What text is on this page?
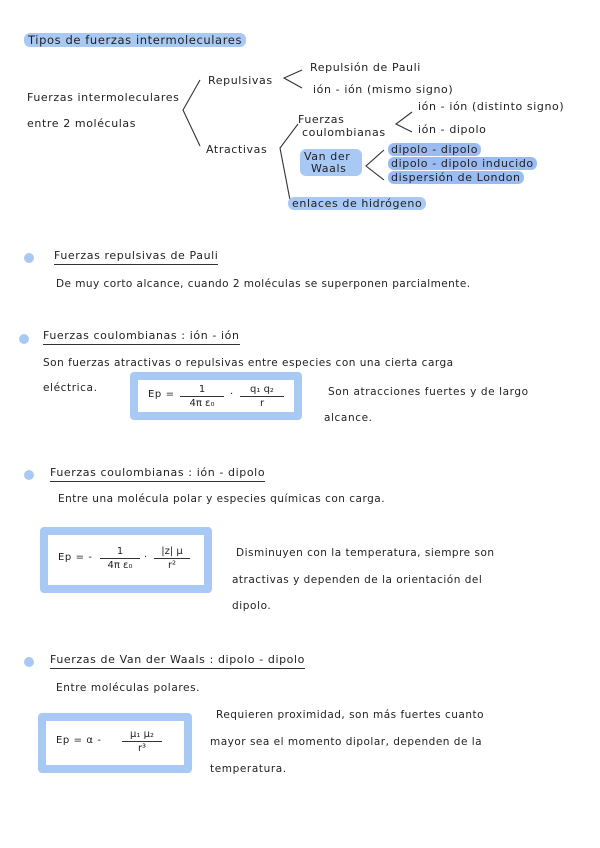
Tipos de fuerzas intermoleculares
Fuerzas intermoleculares
entre 2 moléculas
Repulsivas
Repulsión de Pauli
ión - ión (mismo signo)
Atractivas
Fuerzas
coulombianas
ión - ión (distinto signo)
ión - dipolo
Van der
Waals
dipolo - dipolo
dipolo - dipolo inducido
dispersión de London
enlaces de hidrógeno
Fuerzas repulsivas de Pauli
De muy corto alcance, cuando 2 moléculas se superponen parcialmente.
Fuerzas coulombianas : ión - ión
Son fuerzas atractivas o repulsivas entre especies con una cierta carga
eléctrica.
$Ep = \frac{1}{\text{4π ε₀}} \cdot \frac{\text{q₁ q₂}}{r}$	Son atracciones fuertes y de largo
alcance.
Fuerzas coulombianas : ión - dipolo
Entre una molécula polar y especies químicas con carga.
Ep = - $\frac{1}{\text{4π ε₀}} \cdot \frac{|z| \mu}{\text{r²}}$	Disminuyen con la temperatura, siempre son
atractivas y dependen de la orientación del
dipolo.
Fuerzas de Van der Waals : dipolo - dipolo
Entre moléculas polares.
$Ep = \alpha - \frac{\text{μ₁ μ₂}}{\text{r³}}$
Requieren proximidad, son más fuertes cuanto
mayor sea el momento dipolar, dependen de la
temperatura.
